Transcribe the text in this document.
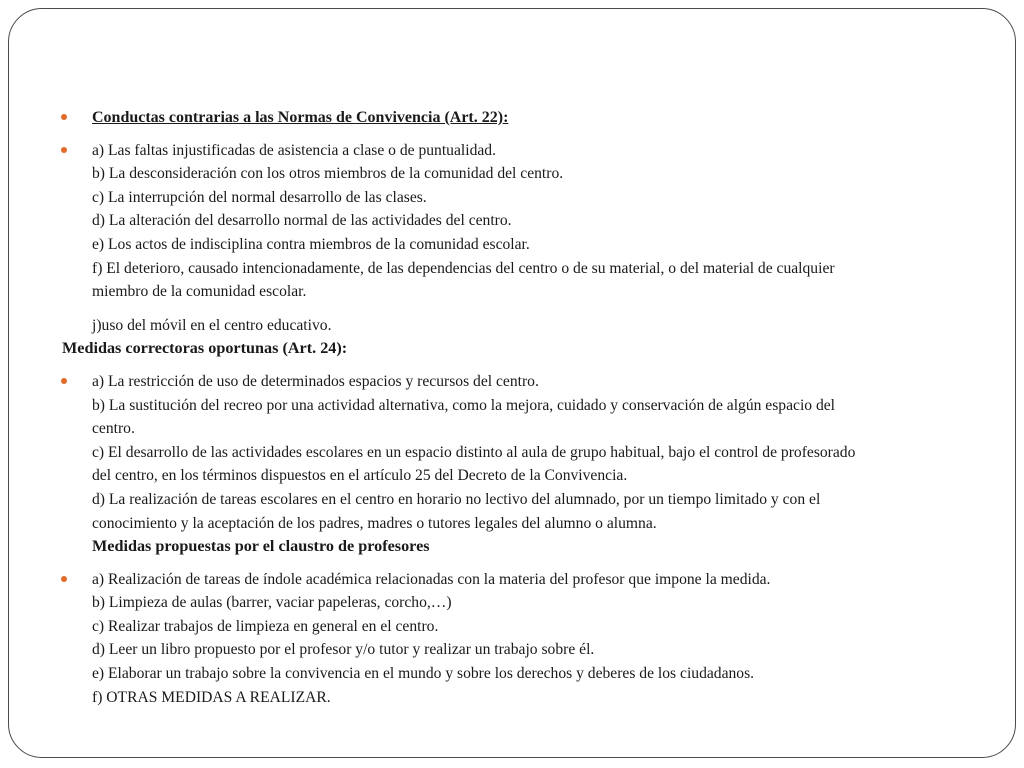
Conductas contrarias a las Normas de Convivencia (Art. 22):
a) Las faltas injustificadas de asistencia a clase o de puntualidad.
b) La desconsideración con los otros miembros de la comunidad del centro.
c) La interrupción del normal desarrollo de las clases.
d) La alteración del desarrollo normal de las actividades del centro.
e) Los actos de indisciplina contra miembros de la comunidad escolar.
f) El deterioro, causado intencionadamente, de las dependencias del centro o de su material, o del material de cualquier
miembro de la comunidad escolar.
j)uso del móvil en el centro educativo.
Medidas correctoras oportunas (Art. 24):
a) La restricción de uso de determinados espacios y recursos del centro.
b) La sustitución del recreo por una actividad alternativa, como la mejora, cuidado y conservación de algún espacio del
centro.
c) El desarrollo de las actividades escolares en un espacio distinto al aula de grupo habitual, bajo el control de profesorado
del centro, en los términos dispuestos en el artículo 25 del Decreto de la Convivencia.
d) La realización de tareas escolares en el centro en horario no lectivo del alumnado, por un tiempo limitado y con el
conocimiento y la aceptación de los padres, madres o tutores legales del alumno o alumna.
Medidas propuestas por el claustro de profesores
a) Realización de tareas de índole académica relacionadas con la materia del profesor que impone la medida.
b) Limpieza de aulas (barrer, vaciar papeleras, corcho,…)
c) Realizar trabajos de limpieza en general en el centro.
d) Leer un libro propuesto por el profesor y/o tutor y realizar un trabajo sobre él.
e) Elaborar un trabajo sobre la convivencia en el mundo y sobre los derechos y deberes de los ciudadanos.
f) OTRAS MEDIDAS A REALIZAR.
